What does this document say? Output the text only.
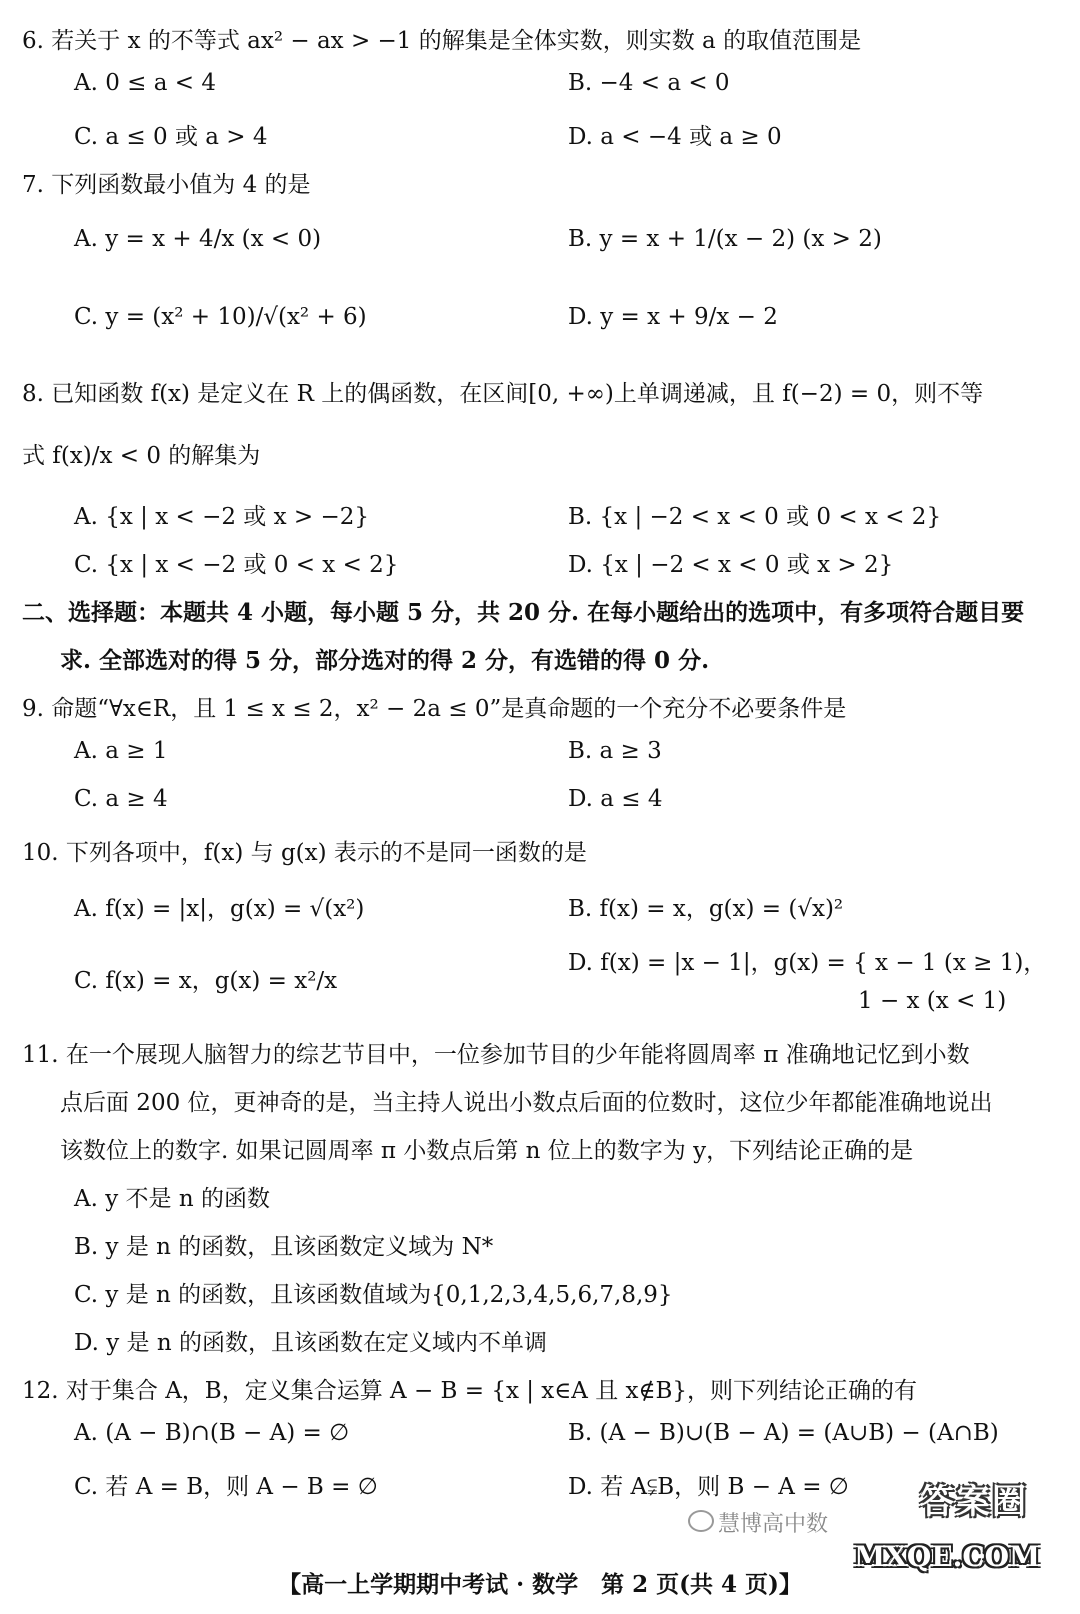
6. 若关于 x 的不等式 ax² − ax > −1 的解集是全体实数，则实数 a 的取值范围是
A. 0 ≤ a < 4	B. −4 < a < 0
C. a ≤ 0 或 a > 4	D. a < −4 或 a ≥ 0
7. 下列函数最小值为 4 的是
A. y = x + 4/x (x < 0)	B. y = x + 1/(x − 2) (x > 2)
C. y = (x² + 10)/√(x² + 6)	D. y = x + 9/x − 2
8. 已知函数 f(x) 是定义在 R 上的偶函数，在区间[0, +∞)上单调递减，且 f(−2) = 0，则不等
式 f(x)/x < 0 的解集为
A. {x | x < −2 或 x > −2}	B. {x | −2 < x < 0 或 0 < x < 2}
C. {x | x < −2 或 0 < x < 2}	D. {x | −2 < x < 0 或 x > 2}
二、选择题：本题共 4 小题，每小题 5 分，共 20 分. 在每小题给出的选项中，有多项符合题目要
求. 全部选对的得 5 分，部分选对的得 2 分，有选错的得 0 分.
9. 命题“∀x∈R，且 1 ≤ x ≤ 2，x² − 2a ≤ 0”是真命题的一个充分不必要条件是
A. a ≥ 1	B. a ≥ 3
C. a ≥ 4	D. a ≤ 4
10. 下列各项中，f(x) 与 g(x) 表示的不是同一函数的是
A. f(x) = |x|，g(x) = √(x²)	B. f(x) = x，g(x) = (√x)²
C. f(x) = x，g(x) = x²/x
D. f(x) = |x − 1|，g(x) = { x − 1 (x ≥ 1)，
1 − x (x < 1)
11. 在一个展现人脑智力的综艺节目中，一位参加节目的少年能将圆周率 π 准确地记忆到小数
点后面 200 位，更神奇的是，当主持人说出小数点后面的位数时，这位少年都能准确地说出
该数位上的数字. 如果记圆周率 π 小数点后第 n 位上的数字为 y，下列结论正确的是
A. y 不是 n 的函数
B. y 是 n 的函数，且该函数定义域为 N*
C. y 是 n 的函数，且该函数值域为{0,1,2,3,4,5,6,7,8,9}
D. y 是 n 的函数，且该函数在定义域内不单调
12. 对于集合 A，B，定义集合运算 A − B = {x | x∈A 且 x∉B}，则下列结论正确的有
A. (A − B)∩(B − A) = ∅	B. (A − B)∪(B − A) = (A∪B) − (A∩B)
C. 若 A = B，则 A − B = ∅	D. 若 A⫋B，则 B − A = ∅
【高一上学期期中考试 · 数学　第 2 页(共 4 页)】
慧博高中数
答案圈
MXQE.COM
